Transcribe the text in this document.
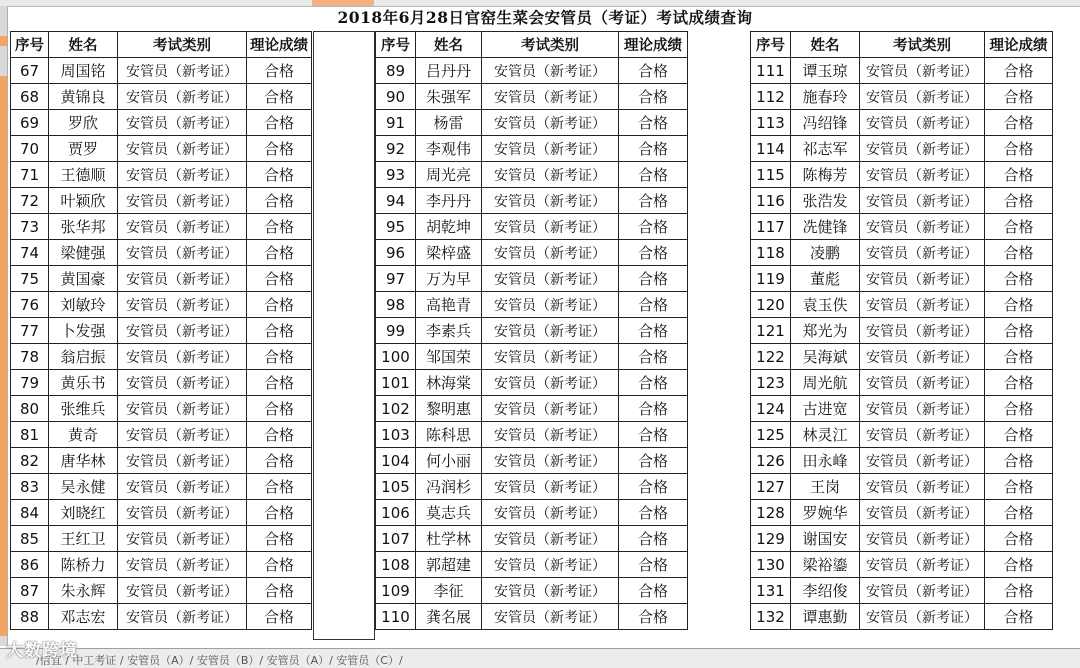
2018年6月28日官窑生菜会安管员（考证）考试成绩查询
序号	姓名	考试类别	理论成绩
67	周国铭	安管员（新考证）	合格
68	黄锦良	安管员（新考证）	合格
69	罗欣	安管员（新考证）	合格
70	贾罗	安管员（新考证）	合格
71	王德顺	安管员（新考证）	合格
72	叶颖欣	安管员（新考证）	合格
73	张华邦	安管员（新考证）	合格
74	梁健强	安管员（新考证）	合格
75	黄国豪	安管员（新考证）	合格
76	刘敏玲	安管员（新考证）	合格
77	卜发强	安管员（新考证）	合格
78	翁启振	安管员（新考证）	合格
79	黄乐书	安管员（新考证）	合格
80	张维兵	安管员（新考证）	合格
81	黄奇	安管员（新考证）	合格
82	唐华林	安管员（新考证）	合格
83	吴永健	安管员（新考证）	合格
84	刘晓红	安管员（新考证）	合格
85	王红卫	安管员（新考证）	合格
86	陈桥力	安管员（新考证）	合格
87	朱永辉	安管员（新考证）	合格
88	邓志宏	安管员（新考证）	合格
序号	姓名	考试类别	理论成绩
89	吕丹丹	安管员（新考证）	合格
90	朱强军	安管员（新考证）	合格
91	杨雷	安管员（新考证）	合格
92	李观伟	安管员（新考证）	合格
93	周光亮	安管员（新考证）	合格
94	李丹丹	安管员（新考证）	合格
95	胡乾坤	安管员（新考证）	合格
96	梁梓盛	安管员（新考证）	合格
97	万为早	安管员（新考证）	合格
98	高艳青	安管员（新考证）	合格
99	李素兵	安管员（新考证）	合格
100	邹国荣	安管员（新考证）	合格
101	林海棠	安管员（新考证）	合格
102	黎明惠	安管员（新考证）	合格
103	陈科思	安管员（新考证）	合格
104	何小丽	安管员（新考证）	合格
105	冯润杉	安管员（新考证）	合格
106	莫志兵	安管员（新考证）	合格
107	杜学林	安管员（新考证）	合格
108	郭超建	安管员（新考证）	合格
109	李征	安管员（新考证）	合格
110	龚名展	安管员（新考证）	合格
序号	姓名	考试类别	理论成绩
111	谭玉琼	安管员（新考证）	合格
112	施春玲	安管员（新考证）	合格
113	冯绍锋	安管员（新考证）	合格
114	祁志军	安管员（新考证）	合格
115	陈梅芳	安管员（新考证）	合格
116	张浩发	安管员（新考证）	合格
117	冼健锋	安管员（新考证）	合格
118	凌鹏	安管员（新考证）	合格
119	董彪	安管员（新考证）	合格
120	袁玉佚	安管员（新考证）	合格
121	郑光为	安管员（新考证）	合格
122	吴海斌	安管员（新考证）	合格
123	周光航	安管员（新考证）	合格
124	古进宽	安管员（新考证）	合格
125	林灵江	安管员（新考证）	合格
126	田永峰	安管员（新考证）	合格
127	王岗	安管员（新考证）	合格
128	罗婉华	安管员（新考证）	合格
129	谢国安	安管员（新考证）	合格
130	梁裕鎏	安管员（新考证）	合格
131	李绍俊	安管员（新考证）	合格
132	谭惠勤	安管员（新考证）	合格
/信宜 / 中工考证 / 安管员（A）/ 安管员（B）/ 安管员（A）/ 安管员（C）/
大数跨境
